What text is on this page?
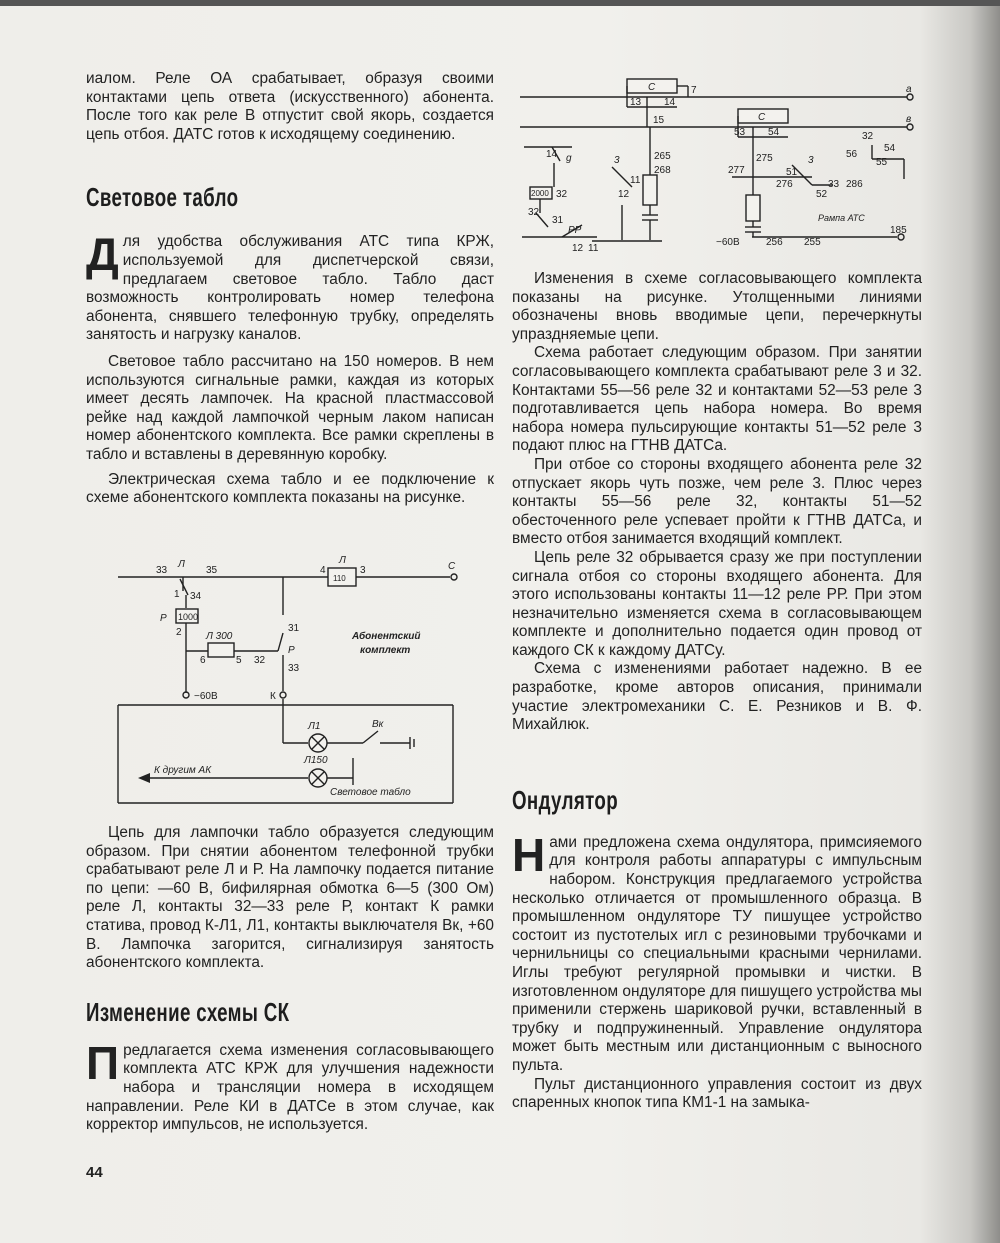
иалом. Реле ОА срабатывает, образуя своими контактами цепь ответа (искусственного) абонента. После того как реле В отпустит свой якорь, создается цепь отбоя. ДАТС готов к исходящему соединению.

Световое табло

Для удобства обслуживания АТС типа КРЖ, используемой для диспетчерской связи, предлагаем световое табло. Табло даст возможность контролировать номер телефона абонента, снявшего телефонную трубку, определять занятость и нагрузку каналов.

Световое табло рассчитано на 150 номеров. В нем используются сигнальные рамки, каждая из которых имеет десять лампочек. На красной пластмассовой рейке над каждой лампочкой черным лаком написан номер абонентского комплекта. Все рамки скреплены в табло и вставлены в деревянную коробку.

Электрическая схема табло и ее подключение к схеме абонентского комплекта показаны на рисунке.

33
Л
35
Л
4
110
3	С
1 34
Р 1000
2 Л 300
31
6	5 32
Р
33
−60В	К
Л1	Вк
Л150
К другим АК
Световое табло
Абонентский
комплект

Цепь для лампочки табло образуется следующим образом. При снятии абонентом телефонной трубки срабатывают реле Л и Р. На лампочку подается питание по цепи: —60 В, бифилярная обмотка 6—5 (300 Ом) реле Л, контакты 32—33 реле Р, контакт К рамки статива, провод К-Л1, Л1, контакты выключателя Вк, +60 В. Лампочка загорится, сигнализируя занятость абонентского комплекта.

Изменение схемы СК

Предлагается схема изменения согласовывающего комплекта АТС КРЖ для улучшения надежности набора и трансляции номера в исходящем направлении. Реле КИ в ДАТСе в этом случае, как корректор импульсов, не используется.

44
а
в
С
13 14
7
15	С
53 54	32
54
56
55
14 g	3	265
268
275	3
51
277
276	33 286
2000 32	12
11
52
32
31
РР
Рампа АТС
185
−60В	256 255
12 11

Изменения в схеме согласовывающего комплекта показаны на рисунке. Утолщенными линиями обозначены вновь вводимые цепи, перечеркнуты упраздняемые цепи.

Схема работает следующим образом. При занятии согласовывающего комплекта срабатывают реле 3 и 32. Контактами 55—56 реле 32 и контактами 52—53 реле 3 подготавливается цепь набора номера. Во время набора номера пульсирующие контакты 51—52 реле 3 подают плюс на ГТНВ ДАТСа.

При отбое со стороны входящего абонента реле 32 отпускает якорь чуть позже, чем реле 3. Плюс через контакты 55—56 реле 32, контакты 51—52 обесточенного реле успевает пройти к ГТНВ ДАТСа, и вместо отбоя занимается входящий комплект.

Цепь реле 32 обрывается сразу же при поступлении сигнала отбоя со стороны входящего абонента. Для этого использованы контакты 11—12 реле РР. При этом незначительно изменяется схема в согласовывающем комплекте и дополнительно подается один провод от каждого СК к каждому ДАТСу.

Схема с изменениями работает надежно. В ее разработке, кроме авторов описания, принимали участие электромеханики С. Е. Резников и В. Ф. Михайлюк.

Ондулятор

Нами предложена схема ондулятора, примсияемого для контроля работы аппаратуры с импульсным набором. Конструкция предлагаемого устройства несколько отличается от промышленного образца. В промышленном ондуляторе ТУ пишущее устройство состоит из пустотелых игл с резиновыми трубочками и чернильницы со специальными красными чернилами. Иглы требуют регулярной промывки и чистки. В изготовленном ондуляторе для пишущего устройства мы применили стержень шариковой ручки, вставленный в трубку и подпружиненный. Управление ондулятора может быть местным или дистанционным с выносного пульта.

Пульт дистанционного управления состоит из двух спаренных кнопок типа КМ1-1 на замыка-
